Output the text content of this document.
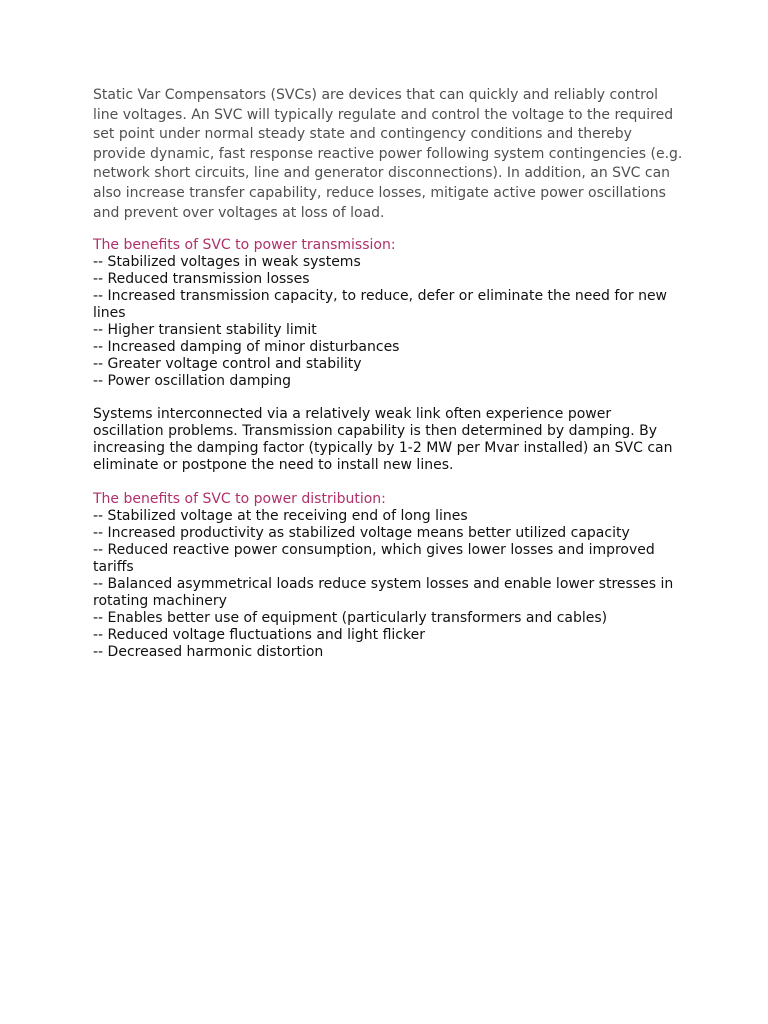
Static Var Compensators (SVCs) are devices that can quickly and reliably control line voltages. An SVC will typically regulate and control the voltage to the required set point under normal steady state and contingency conditions and thereby provide dynamic, fast response reactive power following system contingencies (e.g. network short circuits, line and generator disconnections). In addition, an SVC can also increase transfer capability, reduce losses, mitigate active power oscillations and prevent over voltages at loss of load.

The benefits of SVC to power transmission:

-- Stabilized voltages in weak systems
-- Reduced transmission losses
-- Increased transmission capacity, to reduce, defer or eliminate the need for new lines
-- Higher transient stability limit
-- Increased damping of minor disturbances
-- Greater voltage control and stability
-- Power oscillation damping

Systems interconnected via a relatively weak link often experience power oscillation problems. Transmission capability is then determined by damping. By increasing the damping factor (typically by 1-2 MW per Mvar installed) an SVC can eliminate or postpone the need to install new lines.

The benefits of SVC to power distribution:

-- Stabilized voltage at the receiving end of long lines
-- Increased productivity as stabilized voltage means better utilized capacity
-- Reduced reactive power consumption, which gives lower losses and improved tariffs
-- Balanced asymmetrical loads reduce system losses and enable lower stresses in rotating machinery
-- Enables better use of equipment (particularly transformers and cables)
-- Reduced voltage fluctuations and light flicker
-- Decreased harmonic distortion
